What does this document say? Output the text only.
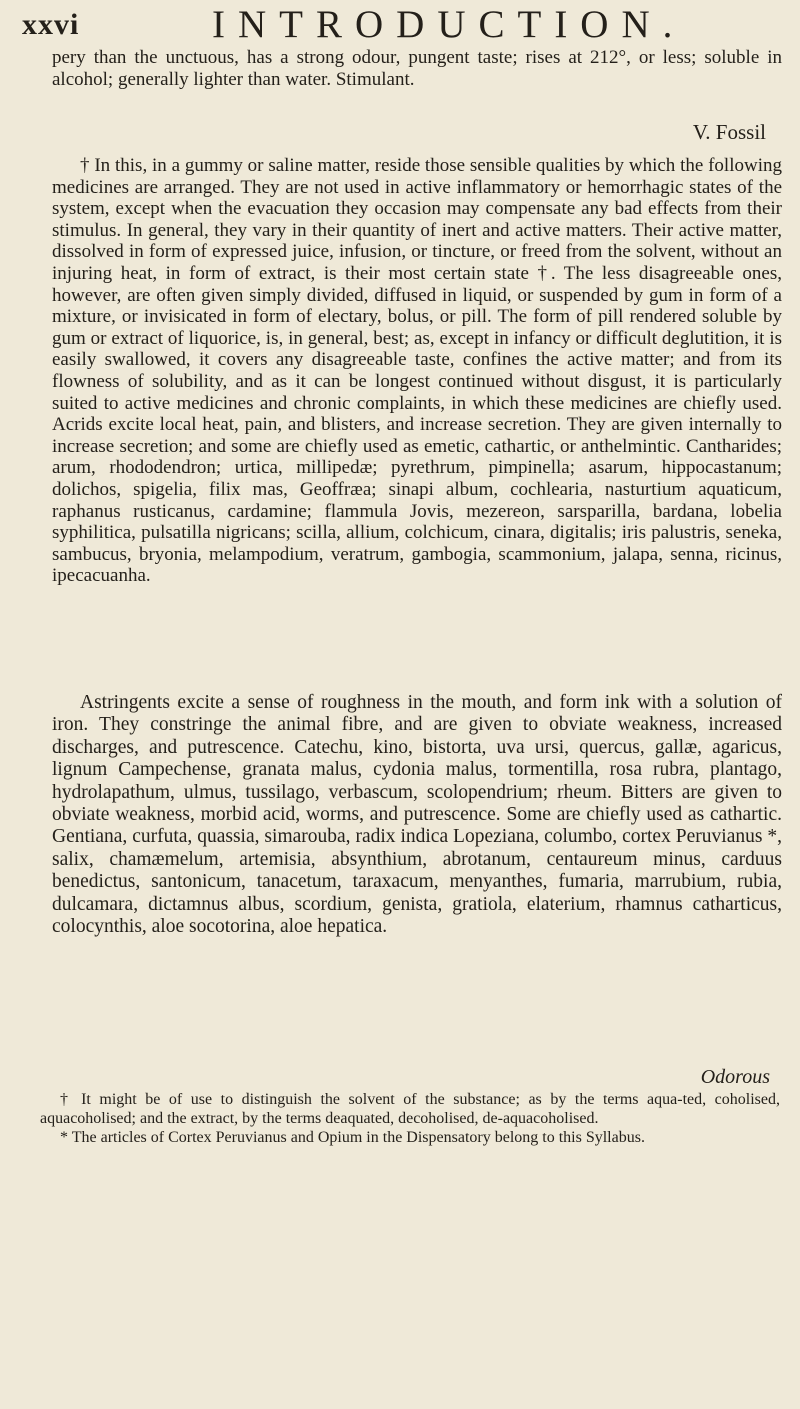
xxvi	INTRODUCTION.
pery than the unctuous, has a strong odour, pungent taste; rises at 212°, or less; soluble in alcohol; generally lighter than water. Stimulant.
V. Fossil
† In this, in a gummy or saline matter, reside those sensible qualities by which the following medicines are arranged. They are not used in active inflammatory or hemorrhagic states of the system, except when the evacuation they occasion may compensate any bad effects from their stimulus. In general, they vary in their quantity of inert and active matters. Their active matter, dissolved in form of expressed juice, infusion, or tincture, or freed from the solvent, without an injuring heat, in form of extract, is their most certain state †. The less disagreeable ones, however, are often given simply divided, diffused in liquid, or suspended by gum in form of a mixture, or invisicated in form of electary, bolus, or pill. The form of pill rendered soluble by gum or extract of liquorice, is, in general, best; as, except in infancy or difficult deglutition, it is easily swallowed, it covers any disagreeable taste, confines the active matter; and from its flowness of solubility, and as it can be longest continued without disgust, it is particularly suited to active medicines and chronic complaints, in which these medicines are chiefly used. Acrids excite local heat, pain, and blisters, and increase secretion. They are given internally to increase secretion; and some are chiefly used as emetic, cathartic, or anthelmintic. Cantharides; arum, rhododendron; urtica, millipedæ; pyrethrum, pimpinella; asarum, hippocastanum; dolichos, spigelia, filix mas, Geoffræa; sinapi album, cochlearia, nasturtium aquaticum, raphanus rusticanus, cardamine; flammula Jovis, mezereon, sarsparilla, bardana, lobelia syphilitica, pulsatilla nigricans; scilla, allium, colchicum, cinara, digitalis; iris palustris, seneka, sambucus, bryonia, melampodium, veratrum, gambogia, scammonium, jalapa, senna, ricinus, ipecacuanha.
Astringents excite a sense of roughness in the mouth, and form ink with a solution of iron. They constringe the animal fibre, and are given to obviate weakness, increased discharges, and putrescence. Catechu, kino, bistorta, uva ursi, quercus, gallæ, agaricus, lignum Campechense, granata malus, cydonia malus, tormentilla, rosa rubra, plantago, hydrolapathum, ulmus, tussilago, verbascum, scolopendrium; rheum. Bitters are given to obviate weakness, morbid acid, worms, and putrescence. Some are chiefly used as cathartic. Gentiana, curfuta, quassia, simarouba, radix indica Lopeziana, columbo, cortex Peruvianus *, salix, chamæmelum, artemisia, absynthium, abrotanum, centaureum minus, carduus benedictus, santonicum, tanacetum, taraxacum, menyanthes, fumaria, marrubium, rubia, dulcamara, dictamnus albus, scordium, genista, gratiola, elaterium, rhamnus catharticus, colocynthis, aloe socotorina, aloe hepatica.
Odorous

† It might be of use to distinguish the solvent of the substance; as by the terms aqua-ted, coholised, aquacoholised; and the extract, by the terms deaquated, decoholised, de-aquacoholised.

* The articles of Cortex Peruvianus and Opium in the Dispensatory belong to this Syllabus.
